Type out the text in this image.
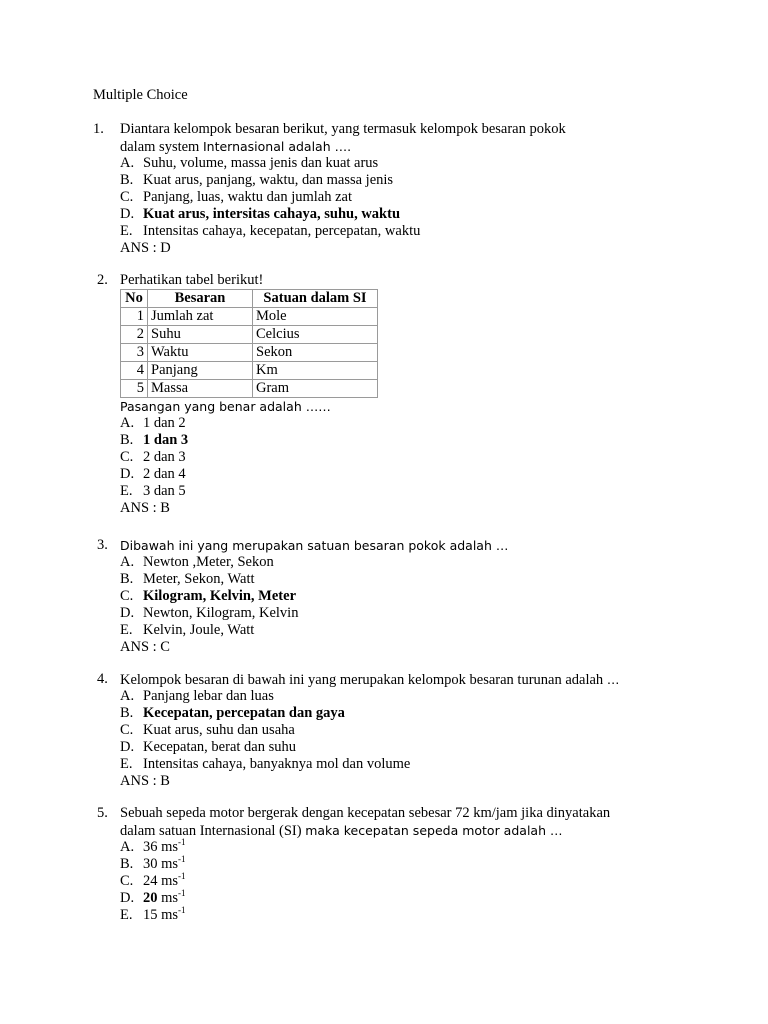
Multiple Choice
1. Diantara kelompok besaran berikut, yang termasuk kelompok besaran pokok
dalam system Internasional adalah ….
A. Suhu, volume, massa jenis dan kuat arus
B. Kuat arus, panjang, waktu, dan massa jenis
C. Panjang, luas, waktu dan jumlah zat
D. Kuat arus, intersitas cahaya, suhu, waktu
E. Intensitas cahaya, kecepatan, percepatan, waktu
ANS : D
2. Perhatikan tabel berikut!
No	Besaran	Satuan dalam SI
1	Jumlah zat	Mole
2	Suhu	Celcius
3	Waktu	Sekon
4	Panjang	Km
5	Massa	Gram
Pasangan yang benar adalah ……
A. 1 dan 2
B. 1 dan 3
C. 2 dan 3
D. 2 dan 4
E. 3 dan 5
ANS : B
3. Dibawah ini yang merupakan satuan besaran pokok adalah …
A. Newton ,Meter, Sekon
B. Meter, Sekon, Watt
C. Kilogram, Kelvin, Meter
D. Newton, Kilogram, Kelvin
E. Kelvin, Joule, Watt
ANS : C
4. Kelompok besaran di bawah ini yang merupakan kelompok besaran turunan adalah …
A. Panjang lebar dan luas
B. Kecepatan, percepatan dan gaya
C. Kuat arus, suhu dan usaha
D. Kecepatan, berat dan suhu
E. Intensitas cahaya, banyaknya mol dan volume
ANS : B
5. Sebuah sepeda motor bergerak dengan kecepatan sebesar 72 km/jam jika dinyatakan
dalam satuan Internasional (SI) maka kecepatan sepeda motor adalah …
A. 36 $ms^{-1}$
B. 30 $ms^{-1}$
C. 24 $ms^{-1}$
D. 20 $ms^{-1}$
E. 15 $ms^{-1}$
